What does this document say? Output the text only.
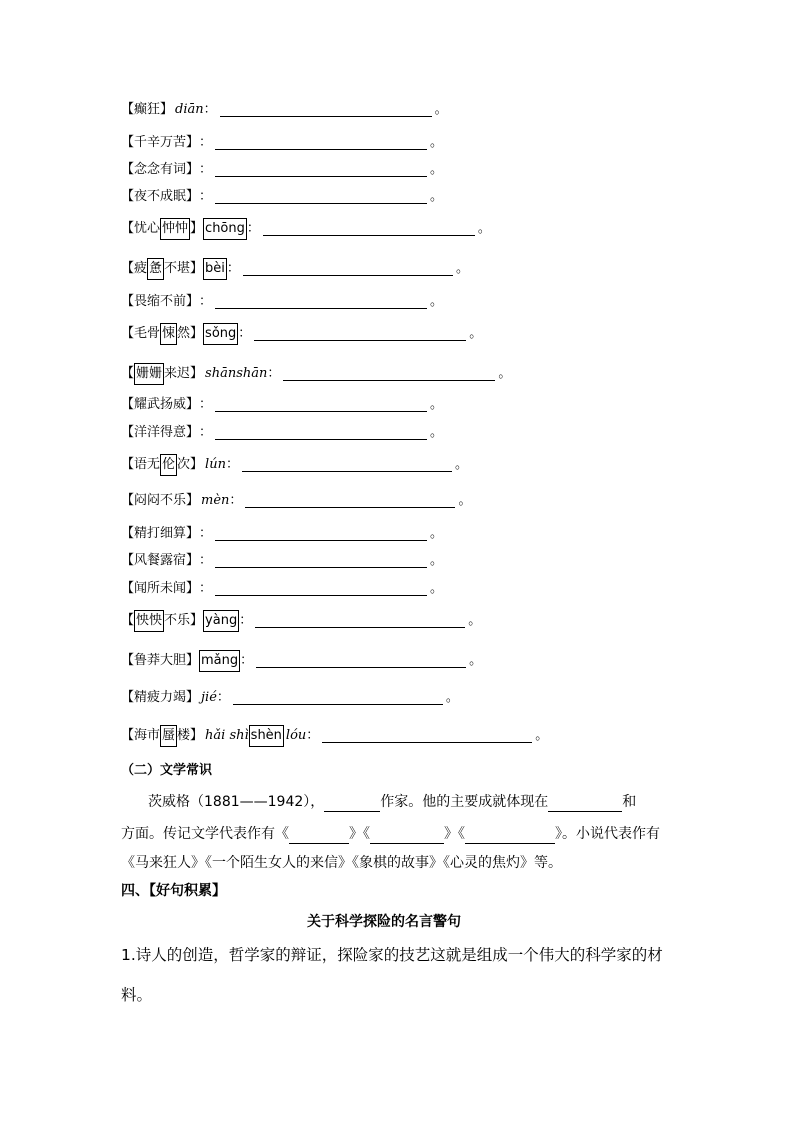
【癫狂】 diān ：	。
【千辛万苦】 ：	。
【念念有词】 ：	。
【夜不成眠】 ：	。
【忧心 忡忡 】 chōng ：	。
【疲 惫 不堪】 bèi ：	。
【畏缩不前】 ：	。
【毛骨 悚 然】 sǒng ：	。
【 姗姗 来迟】 shānshān ：	。
【耀武扬威】 ：	。
【洋洋得意】 ：	。
【语无 伦 次】 lún ：	。
【闷闷不乐】 mèn ：	。
【精打细算】 ：	。
【风餐露宿】 ：	。
【闻所未闻】 ：	。
【 怏怏 不乐】 yàng ：	。
【鲁莽大胆】 mǎng ：	。
【精疲力竭】 jié ：	。
【海市 蜃 楼】 hǎi shì shèn lóu ：	。
（二）文学常识
茨威格（1881——1942），	作家。他的主要成就体现在	和
方面。传记文学代表作有《	》《	》《	》。小说代表作有
《马来狂人》《一个陌生女人的来信》《象棋的故事》《心灵的焦灼》等。
四、【好句积累】
关于科学探险的名言警句
1.诗人的创造，哲学家的辩证，探险家的技艺这就是组成一个伟大的科学家的材
料。
